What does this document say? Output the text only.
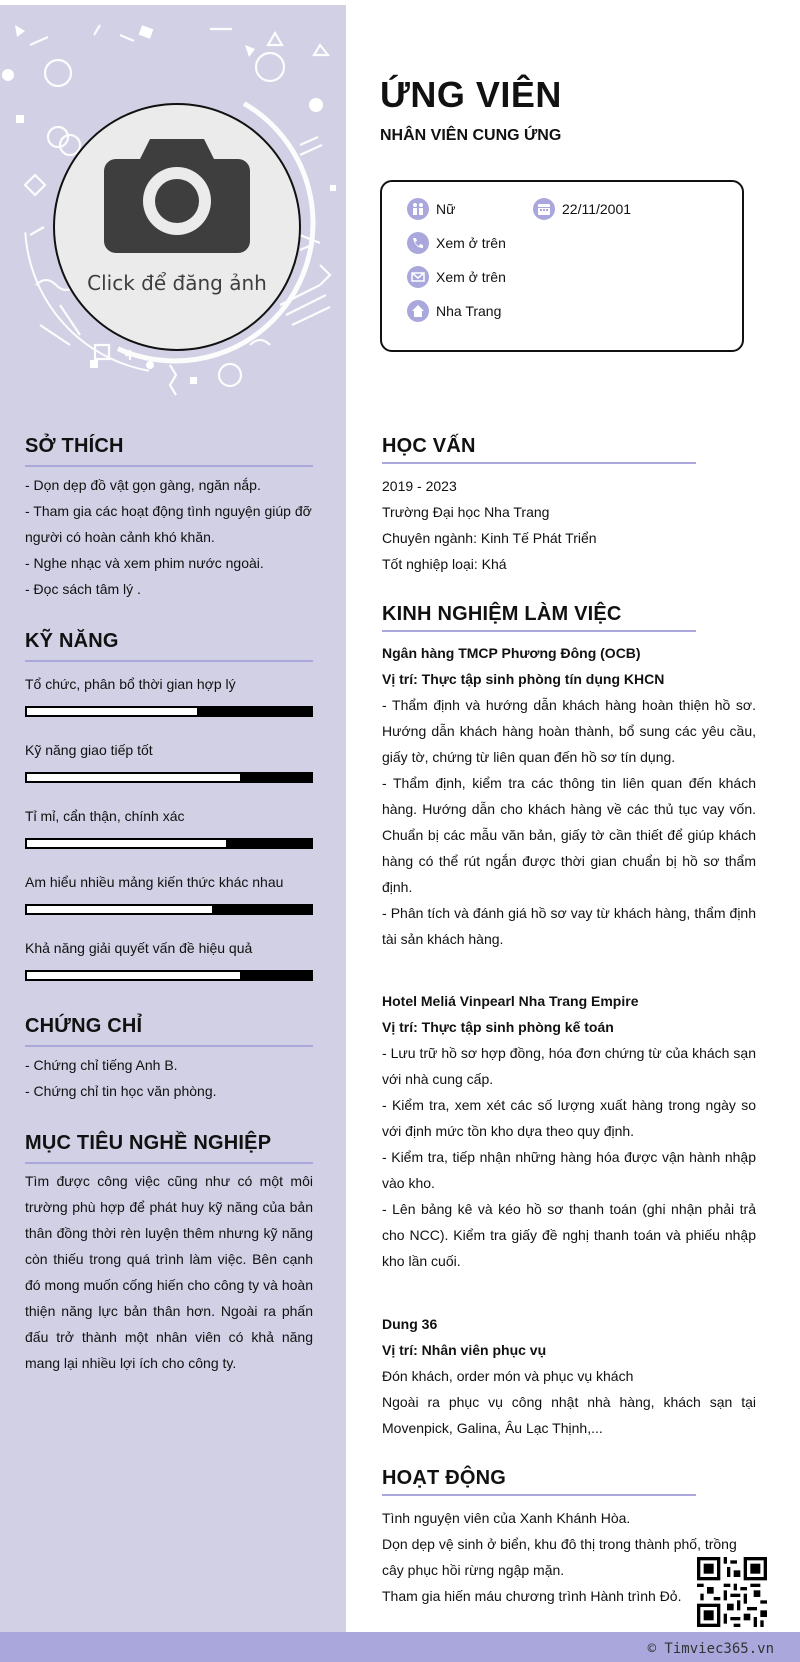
Click để đăng ảnh
SỞ THÍCH
- Dọn dẹp đồ vật gọn gàng, ngăn nắp.
- Tham gia các hoạt động tình nguyện giúp đỡ người có hoàn cảnh khó khăn.
- Nghe nhạc và xem phim nước ngoài.
- Đọc sách tâm lý .
KỸ NĂNG
Tổ chức, phân bổ thời gian hợp lý
Kỹ năng giao tiếp tốt
Tỉ mỉ, cẩn thận, chính xác
Am hiểu nhiều mảng kiến thức khác nhau
Khả năng giải quyết vấn đề hiệu quả
CHỨNG CHỈ
- Chứng chỉ tiếng Anh B.
- Chứng chỉ tin học văn phòng.
MỤC TIÊU NGHỀ NGHIỆP
Tìm được công việc cũng như có một môi trường phù hợp để phát huy kỹ năng của bản thân đồng thời rèn luyện thêm nhưng kỹ năng còn thiếu trong quá trình làm việc. Bên cạnh đó mong muốn cống hiến cho công ty và hoàn thiện năng lực bản thân hơn. Ngoài ra phấn đấu trở thành một nhân viên có khả năng mang lại nhiều lợi ích cho công ty.
ỨNG VIÊN
NHÂN VIÊN CUNG ỨNG
Nữ	22/11/2001
Xem ở trên
Xem ở trên
Nha Trang
HỌC VẤN
2019 - 2023
Trường Đại học Nha Trang
Chuyên ngành: Kinh Tế Phát Triển
Tốt nghiệp loại: Khá
KINH NGHIỆM LÀM VIỆC
Ngân hàng TMCP Phương Đông (OCB)
Vị trí: Thực tập sinh phòng tín dụng KHCN
- Thẩm định và hướng dẫn khách hàng hoàn thiện hồ sơ. Hướng dẫn khách hàng hoàn thành, bổ sung các yêu cầu, giấy tờ, chứng từ liên quan đến hồ sơ tín dụng.
- Thẩm định, kiểm tra các thông tin liên quan đến khách hàng. Hướng dẫn cho khách hàng về các thủ tục vay vốn. Chuẩn bị các mẫu văn bản, giấy tờ cần thiết để giúp khách hàng có thể rút ngắn được thời gian chuẩn bị hồ sơ thẩm định.
- Phân tích và đánh giá hồ sơ vay từ khách hàng, thẩm định tài sản khách hàng.
Hotel Meliá Vinpearl Nha Trang Empire
Vị trí: Thực tập sinh phòng kế toán
- Lưu trữ hồ sơ hợp đồng, hóa đơn chứng từ của khách sạn với nhà cung cấp.
- Kiểm tra, xem xét các số lượng xuất hàng trong ngày so với định mức tồn kho dựa theo quy định.
- Kiểm tra, tiếp nhận những hàng hóa được vận hành nhập vào kho.
- Lên bảng kê và kéo hồ sơ thanh toán (ghi nhận phải trả cho NCC). Kiểm tra giấy đề nghị thanh toán và phiếu nhập kho lần cuối.
Dung 36
Vị trí: Nhân viên phục vụ
Đón khách, order món và phục vụ khách
Ngoài ra phục vụ công nhật nhà hàng, khách sạn tại Movenpick, Galina, Âu Lạc Thịnh,...
HOẠT ĐỘNG
Tình nguyện viên của Xanh Khánh Hòa.
Dọn dẹp vệ sinh ở biển, khu đô thị trong thành phố, trồng cây phục hồi rừng ngập mặn.
Tham gia hiến máu chương trình Hành trình Đỏ.
© Timviec365.vn
